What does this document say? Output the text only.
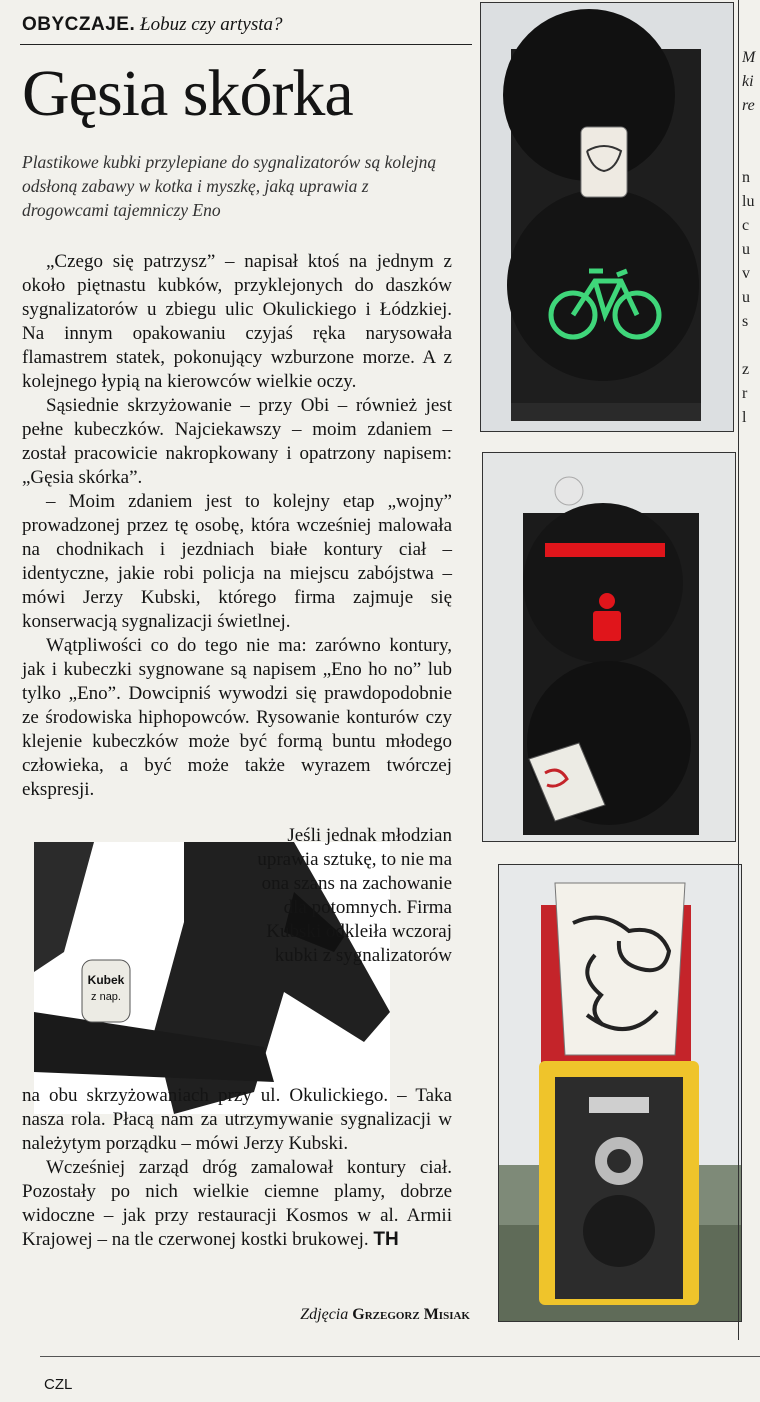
OBYCZAJE. Łobuz czy artysta?
Gęsia skórka
Plastikowe kubki przylepiane do sygnalizatorów są kolejną odsłoną zabawy w kotka i myszkę, jaką uprawia z drogowcami tajemniczy Eno

„Czego się patrzysz” – napisał ktoś na jednym z około piętnastu kubków, przyklejonych do daszków sygnalizatorów u zbiegu ulic Okulickiego i Łódzkiej. Na innym opakowaniu czyjaś ręka narysowała flamastrem statek, pokonujący wzburzone morze. A z kolejnego łypią na kierowców wielkie oczy.

Sąsiednie skrzyżowanie – przy Obi – również jest pełne kubeczków. Najciekawszy – moim zdaniem – został pracowicie nakropkowany i opatrzony napisem: „Gęsia skórka”.

– Moim zdaniem jest to kolejny etap „wojny” prowadzonej przez tę osobę, która wcześniej malowała na chodnikach i jezdniach białe kontury ciał – identyczne, jakie robi policja na miejscu zabójstwa – mówi Jerzy Kubski, którego firma zajmuje się konserwacją sygnalizacji świetlnej.

Wątpliwości co do tego nie ma: zarówno kontury, jak i kubeczki sygnowane są napisem „Eno ho no” lub tylko „Eno”. Dowcipniś wywodzi się prawdopodobnie ze środowiska hiphopowców. Rysowanie konturów czy klejenie kubeczków może być formą buntu młodego człowieka, a być może także wyrazem twórczej ekspresji.

Kubek
z nap.

Jeśli jednak młodzian uprawia sztukę, to nie ma ona szans na zachowanie dla potomnych. Firma Kubski odkleiła wczoraj kubki z sygnalizatorów

na obu skrzyżowaniach przy ul. Okulickiego. – Taka nasza rola. Płacą nam za utrzymywanie sygnalizacji w należytym porządku – mówi Jerzy Kubski.

Wcześniej zarząd dróg zamalował kontury ciał. Pozostały po nich wielkie ciemne plamy, dobrze widoczne – jak przy restauracji Kosmos w al. Armii Krajowej – na tle czerwonej kostki brukowej. TH

Zdjęcia Grzegorz Misiak
M
ki
re
n
lu
c
u
v
u
s
z
r
l
CZL
